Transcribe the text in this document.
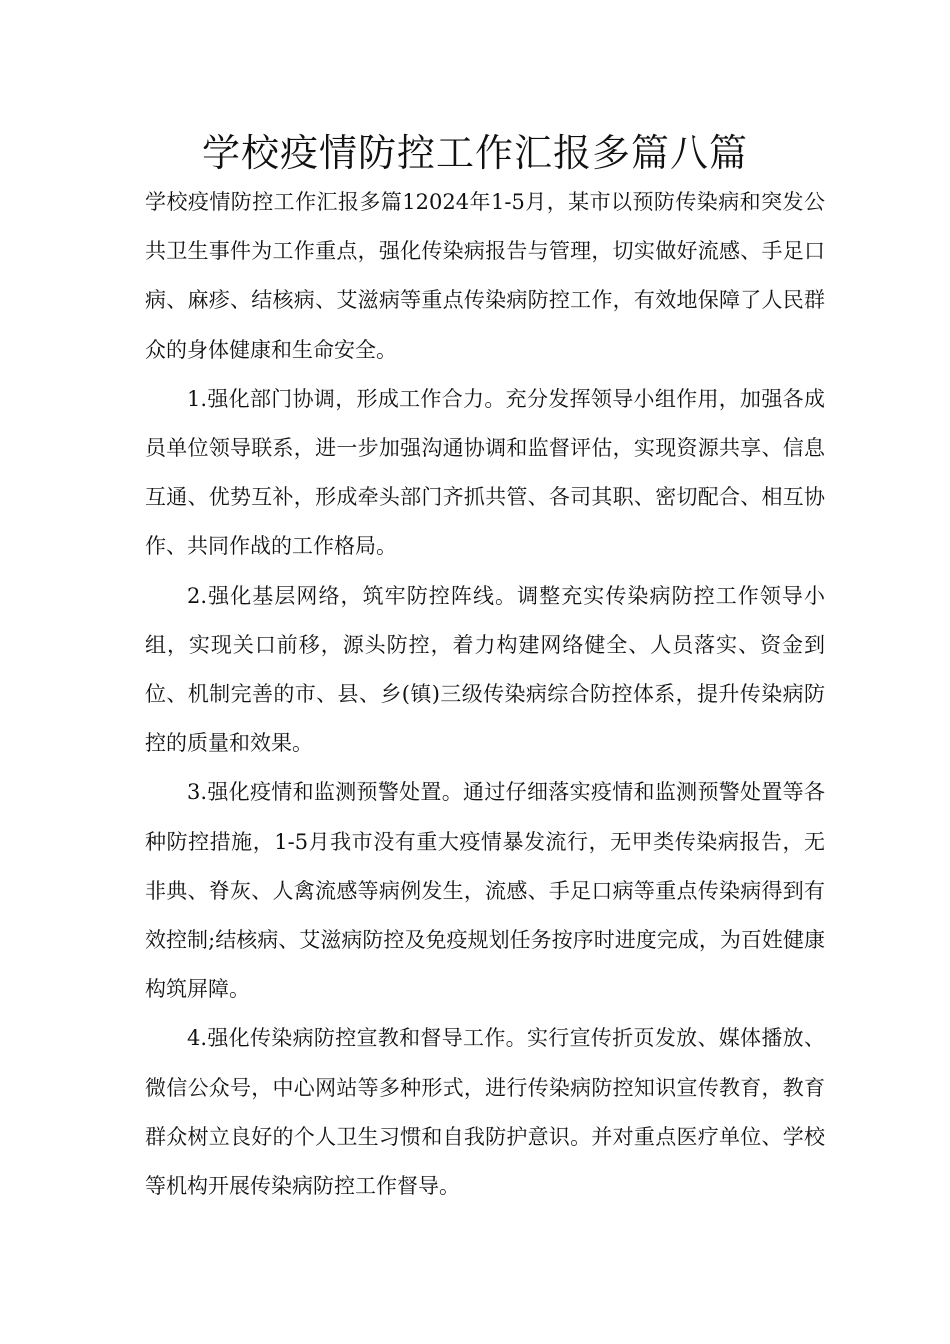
学校疫情防控工作汇报多篇八篇

学校疫情防控工作汇报多篇12024年1-5月，某市以预防传染病和突发公共卫生事件为工作重点，强化传染病报告与管理，切实做好流感、手足口病、麻疹、结核病、艾滋病等重点传染病防控工作，有效地保障了人民群众的身体健康和生命安全。

1.强化部门协调，形成工作合力。充分发挥领导小组作用，加强各成员单位领导联系，进一步加强沟通协调和监督评估，实现资源共享、信息互通、优势互补，形成牵头部门齐抓共管、各司其职、密切配合、相互协作、共同作战的工作格局。

2.强化基层网络，筑牢防控阵线。调整充实传染病防控工作领导小组，实现关口前移，源头防控，着力构建网络健全、人员落实、资金到位、机制完善的市、县、乡(镇)三级传染病综合防控体系，提升传染病防控的质量和效果。

3.强化疫情和监测预警处置。通过仔细落实疫情和监测预警处置等各种防控措施，1-5月我市没有重大疫情暴发流行，无甲类传染病报告，无非典、脊灰、人禽流感等病例发生，流感、手足口病等重点传染病得到有效控制;结核病、艾滋病防控及免疫规划任务按序时进度完成，为百姓健康构筑屏障。

4.强化传染病防控宣教和督导工作。实行宣传折页发放、媒体播放、微信公众号，中心网站等多种形式，进行传染病防控知识宣传教育，教育群众树立良好的个人卫生习惯和自我防护意识。并对重点医疗单位、学校等机构开展传染病防控工作督导。
